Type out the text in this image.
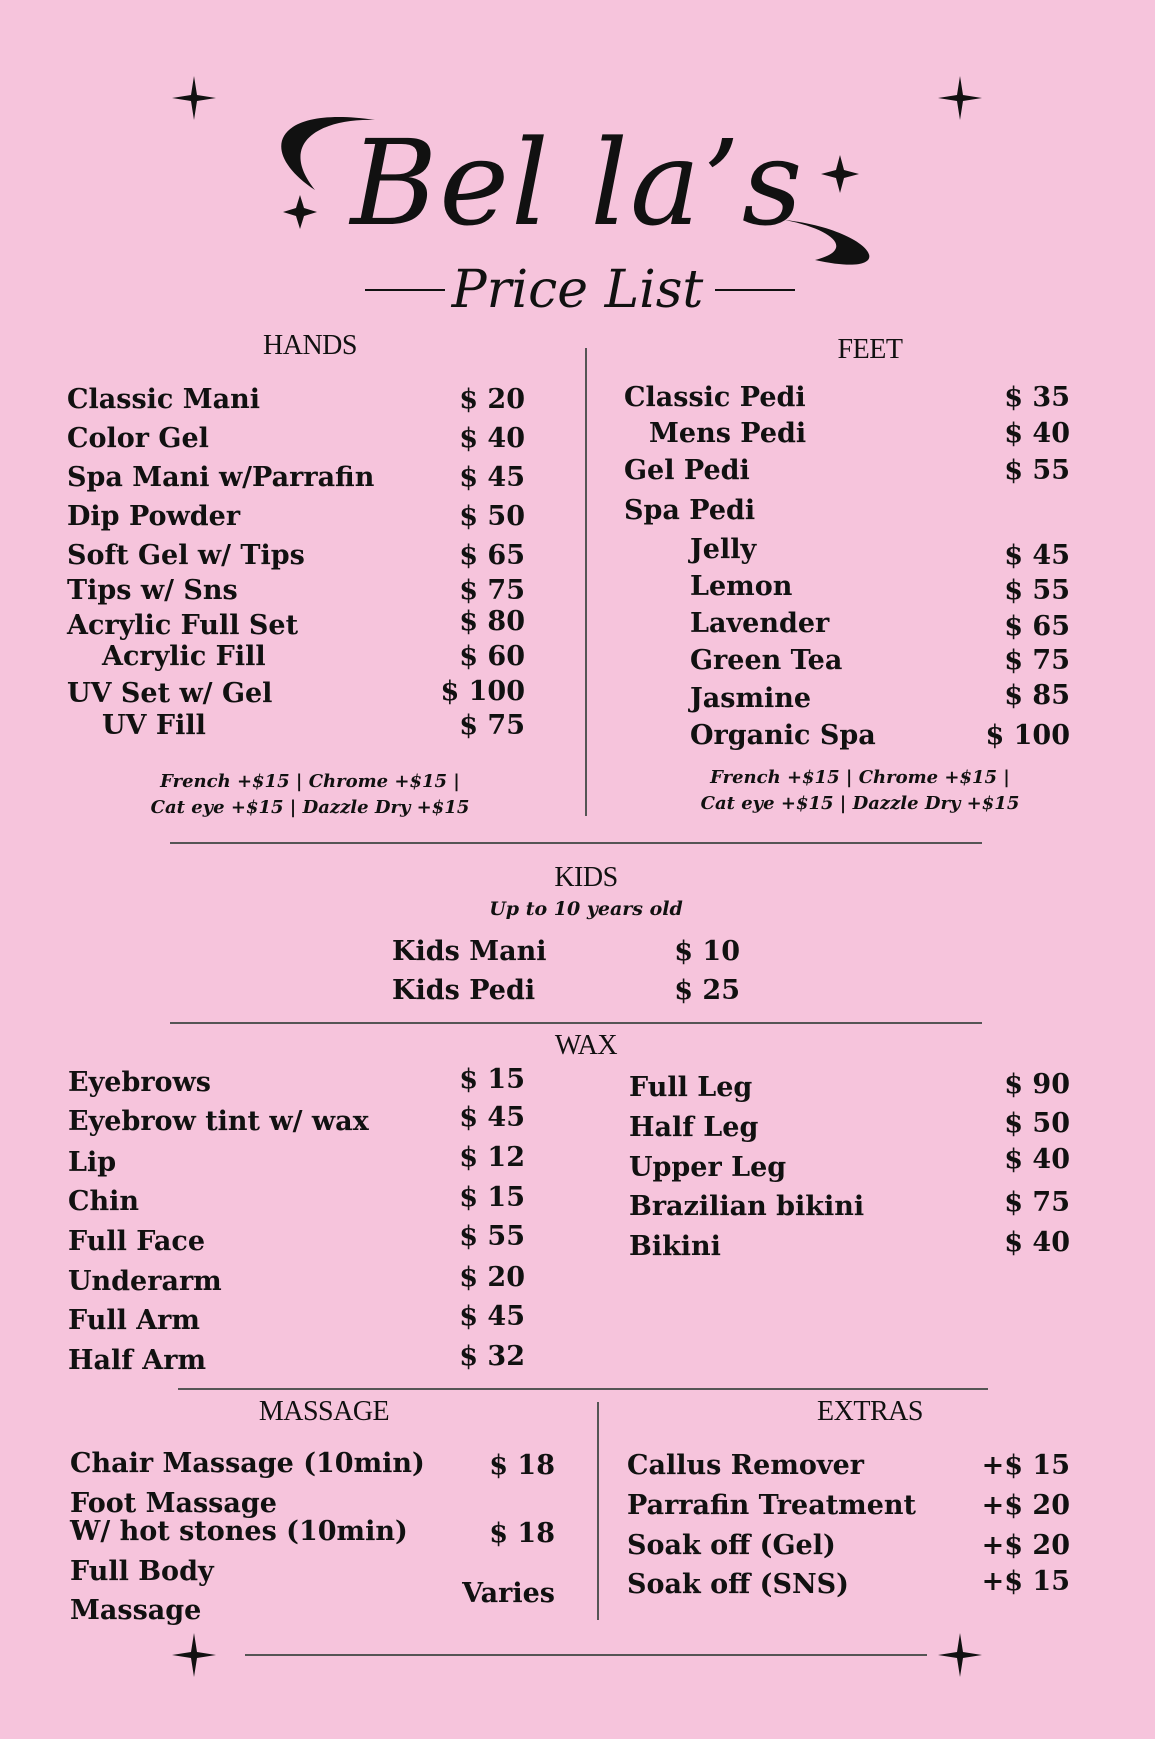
Bel la’s
Price List
HANDS
Classic Mani	$ 20
Color Gel	$ 40
Spa Mani w/Parrafin	$ 45
Dip Powder	$ 50
Soft Gel w/ Tips	$ 65
Tips w/ Sns	$ 75
Acrylic Full Set	$ 80
Acrylic Fill	$ 60
UV Set w/ Gel	$ 100
UV Fill	$ 75
French +$15 | Chrome +$15 |
Cat eye +$15 | Dazzle Dry +$15
FEET
Classic Pedi	$ 35
Mens Pedi	$ 40
Gel Pedi	$ 55
Spa Pedi
Jelly	$ 45
Lemon	$ 55
Lavender	$ 65
Green Tea	$ 75
Jasmine	$ 85
Organic Spa	$ 100
French +$15 | Chrome +$15 |
Cat eye +$15 | Dazzle Dry +$15
KIDS
Up to 10 years old
Kids Mani	$ 10
Kids Pedi	$ 25
WAX
Eyebrows	$ 15
Eyebrow tint w/ wax	$ 45
Lip	$ 12
Chin	$ 15
Full Face	$ 55
Underarm	$ 20
Full Arm	$ 45
Half Arm	$ 32
Full Leg	$ 90
Half Leg	$ 50
Upper Leg	$ 40
Brazilian bikini	$ 75
Bikini	$ 40
MASSAGE
Chair Massage (10min)	$ 18
Foot Massage
W/ hot stones (10min)	$ 18
Full Body
Massage
Varies
EXTRAS
Callus Remover	+$ 15
Parrafin Treatment	+$ 20
Soak off (Gel)	+$ 20
Soak off (SNS)	+$ 15
